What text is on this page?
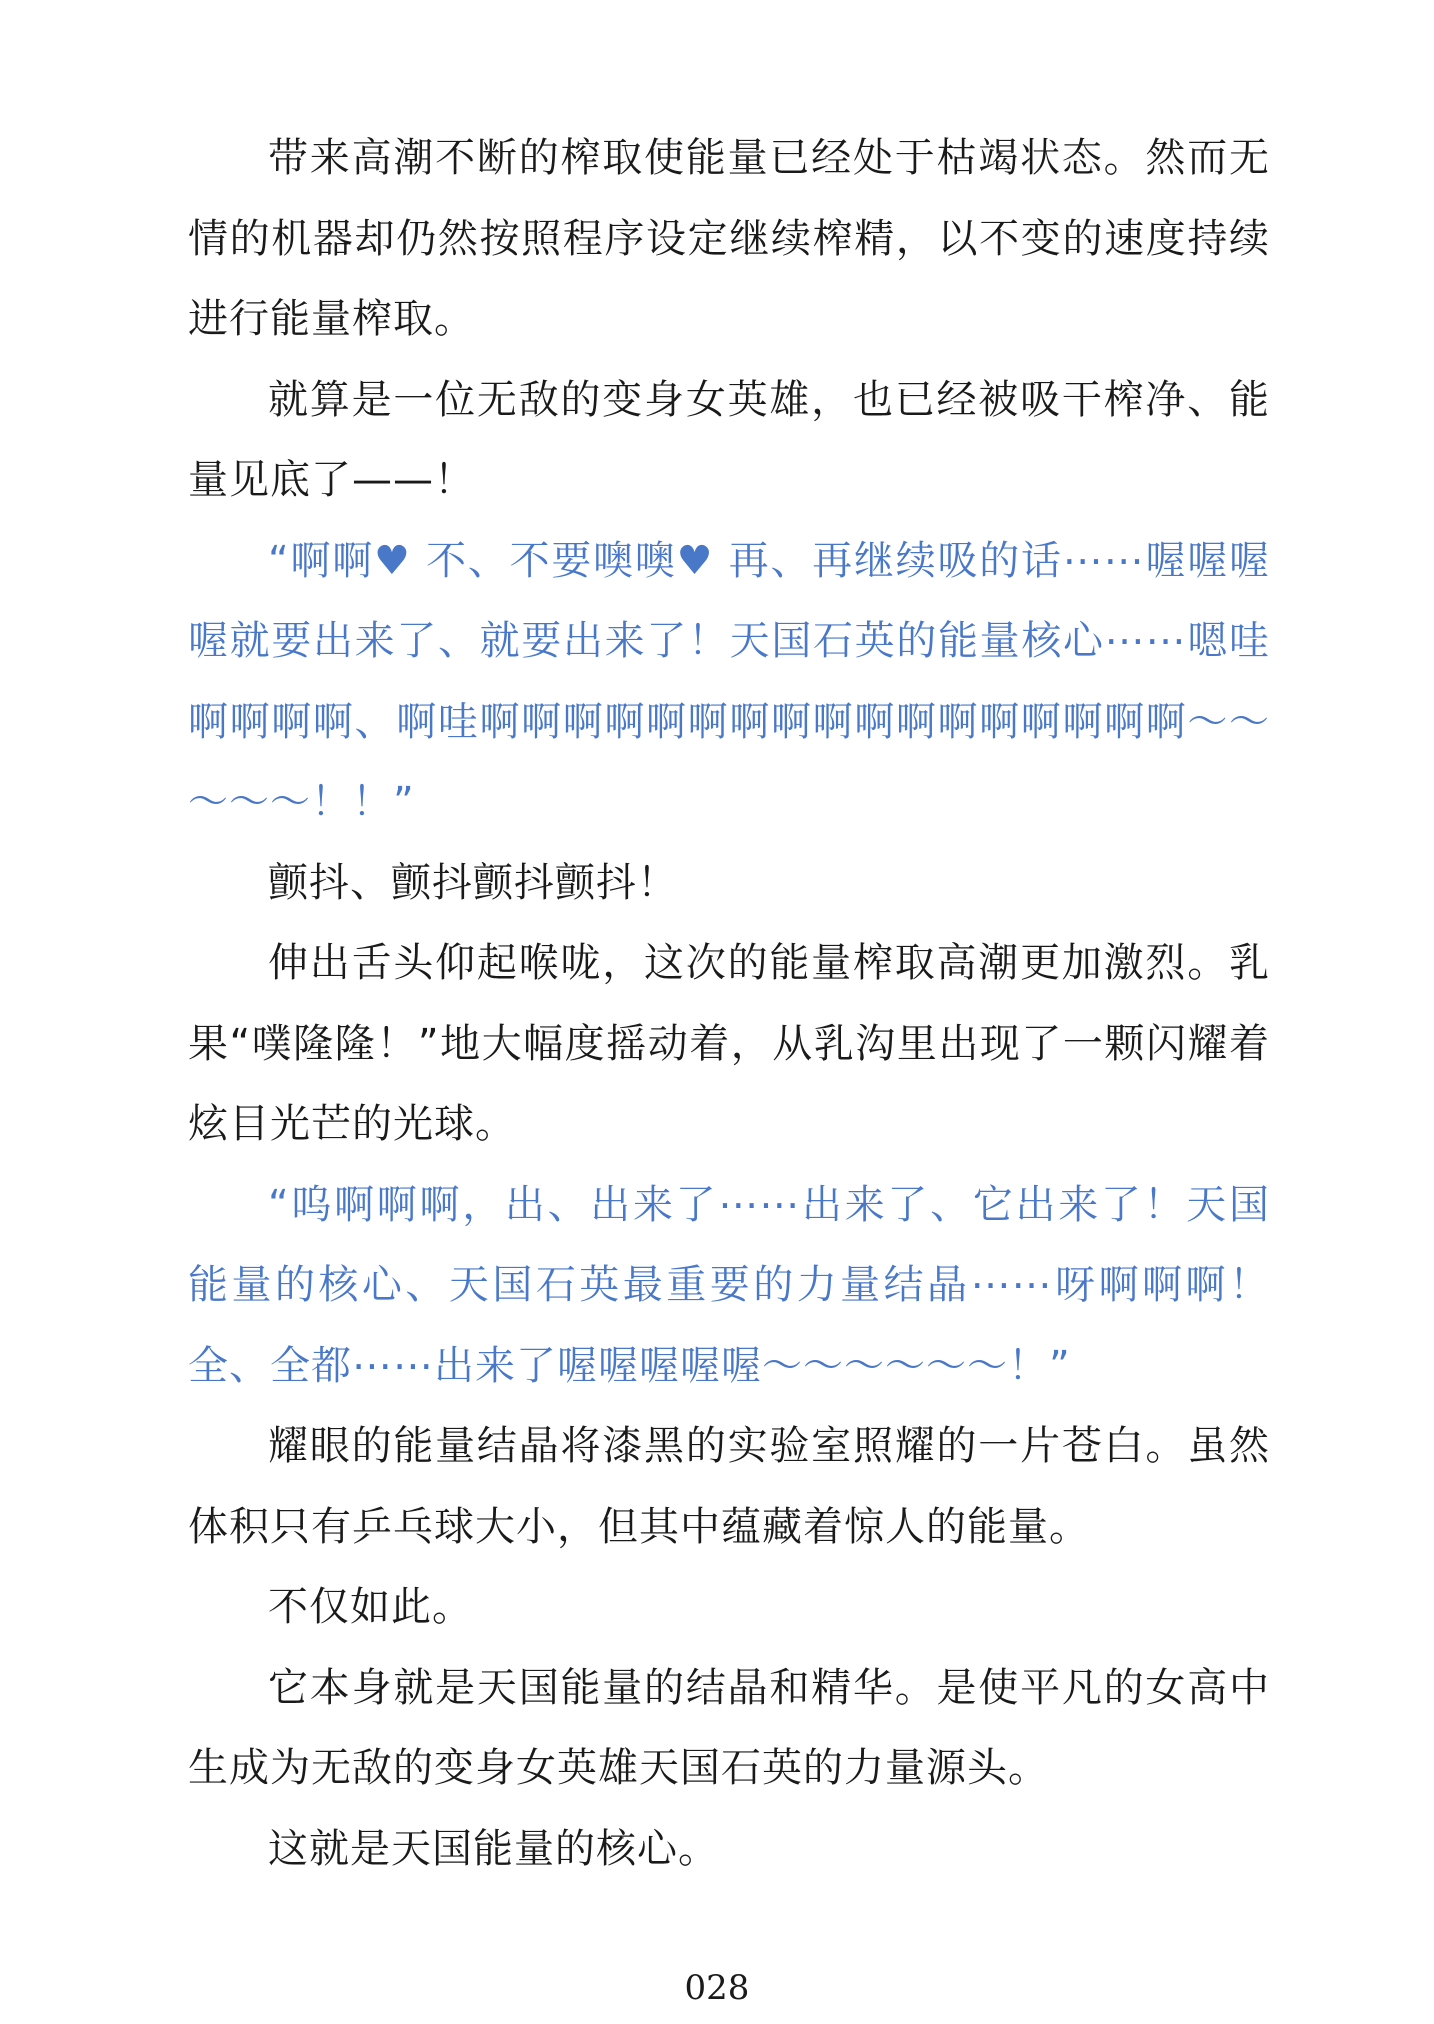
带来高潮不断的榨取使能量已经处于枯竭状态。然而无情的机器却仍然按照程序设定继续榨精，以不变的速度持续进行能量榨取。

就算是一位无敌的变身女英雄，也已经被吸干榨净、能量见底了——！

“啊啊♥ 不、不要噢噢♥ 再、再继续吸的话⋯⋯喔喔喔喔就要出来了、就要出来了！天国石英的能量核心⋯⋯嗯哇啊啊啊啊、啊哇啊啊啊啊啊啊啊啊啊啊啊啊啊啊啊啊啊～～～～～！！”

颤抖、颤抖颤抖颤抖！

伸出舌头仰起喉咙，这次的能量榨取高潮更加激烈。乳果“噗隆隆！”地大幅度摇动着，从乳沟里出现了一颗闪耀着炫目光芒的光球。

“呜啊啊啊，出、出来了⋯⋯出来了、它出来了！天国能量的核心、天国石英最重要的力量结晶⋯⋯呀啊啊啊！全、全都⋯⋯出来了喔喔喔喔喔～～～～～～！”

耀眼的能量结晶将漆黑的实验室照耀的一片苍白。虽然体积只有乒乓球大小，但其中蕴藏着惊人的能量。

不仅如此。

它本身就是天国能量的结晶和精华。是使平凡的女高中生成为无敌的变身女英雄天国石英的力量源头。

这就是天国能量的核心。

028
